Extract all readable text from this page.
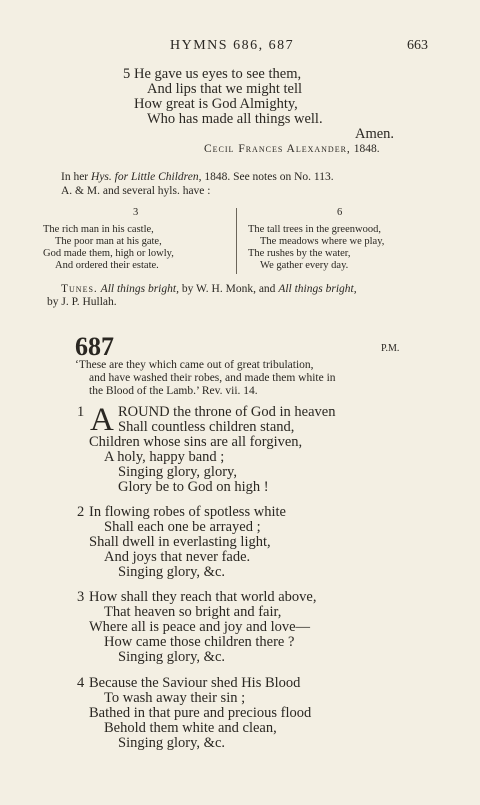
HYMNS 686, 687	663
5 He gave us eyes to see them,
And lips that we might tell
How great is God Almighty,
Who has made all things well.
Amen.
Cecil Frances Alexander, 1848.
In her Hys. for Little Children, 1848. See notes on No. 113.
A. & M. and several hyls. have :
3
The rich man in his castle,
The poor man at his gate,
God made them, high or lowly,
And ordered their estate.
6
The tall trees in the greenwood,
The meadows where we play,
The rushes by the water,
We gather every day.
Tunes. All things bright, by W. H. Monk, and All things bright,
by J. P. Hullah.
687	P.M.
‘These are they which came out of great tribulation,
and have washed their robes, and made them white in
the Blood of the Lamb.’ Rev. vii. 14.
1 A ROUND the throne of God in heaven
Shall countless children stand,
Children whose sins are all forgiven,
A holy, happy band ;
Singing glory, glory,
Glory be to God on high !
2 In flowing robes of spotless white
Shall each one be arrayed ;
Shall dwell in everlasting light,
And joys that never fade.
Singing glory, &c.
3 How shall they reach that world above,
That heaven so bright and fair,
Where all is peace and joy and love—
How came those children there ?
Singing glory, &c.
4 Because the Saviour shed His Blood
To wash away their sin ;
Bathed in that pure and precious flood
Behold them white and clean,
Singing glory, &c.
